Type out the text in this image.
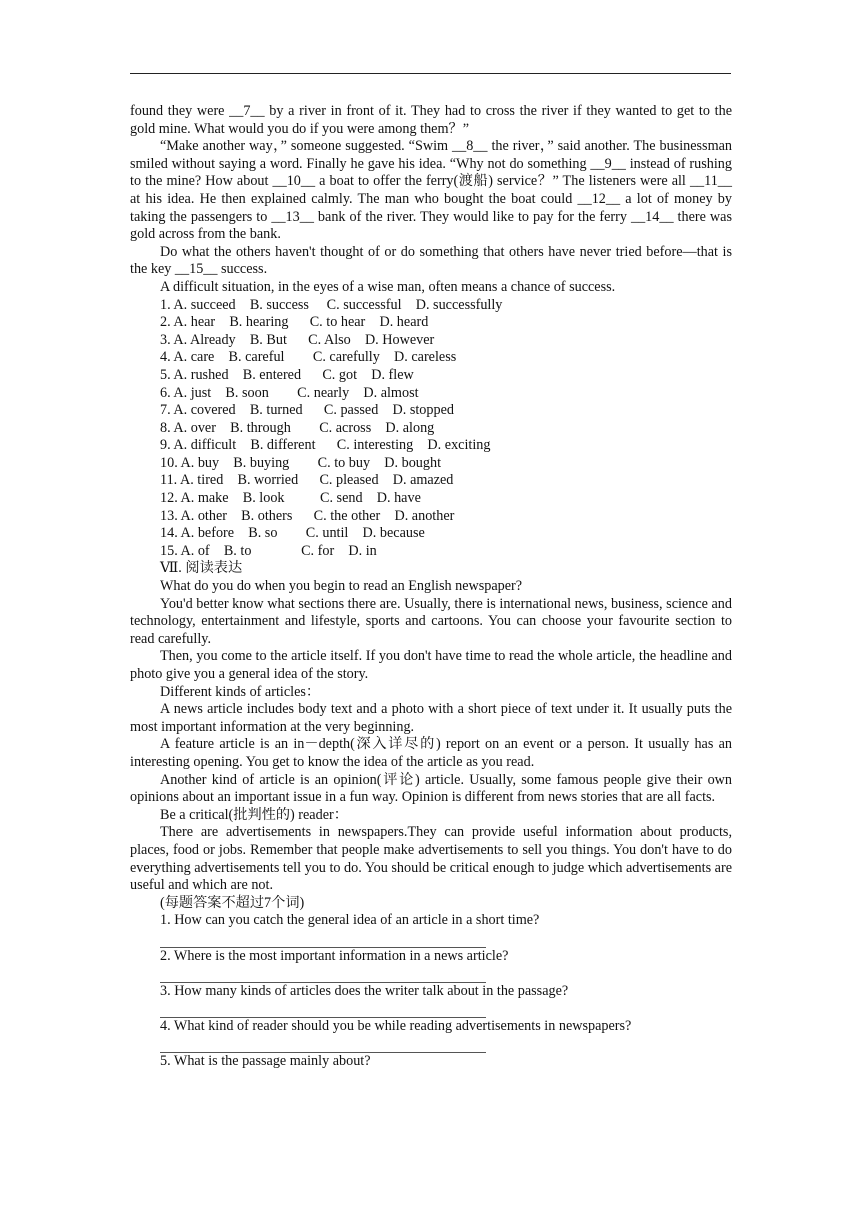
found they were __7__ by a river in front of it. They had to cross the river if they wanted to get to the gold mine. What would you do if you were among them？”

“Make another way，” someone suggested. “Swim __8__ the river，” said another. The businessman smiled without saying a word. Finally he gave his idea. “Why not do something __9__ instead of rushing to the mine? How about __10__ a boat to offer the ferry(渡船) service？” The listeners were all __11__ at his idea. He then explained calmly. The man who bought the boat could __12__ a lot of money by taking the passengers to __13__ bank of the river. They would like to pay for the ferry __14__ there was gold across from the bank.

Do what the others haven't thought of or do something that others have never tried before—that is the key __15__ success.

A difficult situation, in the eyes of a wise man, often means a chance of success.

1. A. succeed    B. success     C. successful    D. successfully

2. A. hear    B. hearing      C. to hear    D. heard

3. A. Already    B. But      C. Also    D. However

4. A. care    B. careful        C. carefully    D. careless

5. A. rushed    B. entered      C. got    D. flew

6. A. just    B. soon        C. nearly    D. almost

7. A. covered    B. turned      C. passed    D. stopped

8. A. over    B. through        C. across    D. along

9. A. difficult    B. different      C. interesting    D. exciting

10. A. buy    B. buying        C. to buy    D. bought

11. A. tired    B. worried      C. pleased    D. amazed

12. A. make    B. look          C. send    D. have

13. A. other    B. others      C. the other    D. another

14. A. before    B. so        C. until    D. because

15. A. of    B. to              C. for    D. in

Ⅶ. 阅读表达

What do you do when you begin to read an English newspaper?

You'd better know what sections there are. Usually, there is international news, business, science and technology, entertainment and lifestyle, sports and cartoons. You can choose your favourite section to read carefully.

Then, you come to the article itself. If you don't have time to read the whole article, the headline and photo give you a general idea of the story.

Different kinds of articles：

A news article includes body text and a photo with a short piece of text under it. It usually puts the most important information at the very beginning.

A feature article is an in－depth(深入详尽的) report on an event or a person. It usually has an interesting opening. You get to know the idea of the article as you read.

Another kind of article is an opinion(评论) article. Usually, some famous people give their own opinions about an important issue in a fun way. Opinion is different from news stories that are all facts.

Be a critical(批判性的) reader：

There are advertisements in newspapers.They can provide useful information about products, places, food or jobs. Remember that people make advertisements to sell you things. You don't have to do everything advertisements tell you to do. You should be critical enough to judge which advertisements are useful and which are not.

(每题答案不超过7个词)

1. How can you catch the general idea of an article in a short time?

2. Where is the most important information in a news article?

3. How many kinds of articles does the writer talk about in the passage?

4. What kind of reader should you be while reading advertisements in newspapers?

5. What is the passage mainly about?
